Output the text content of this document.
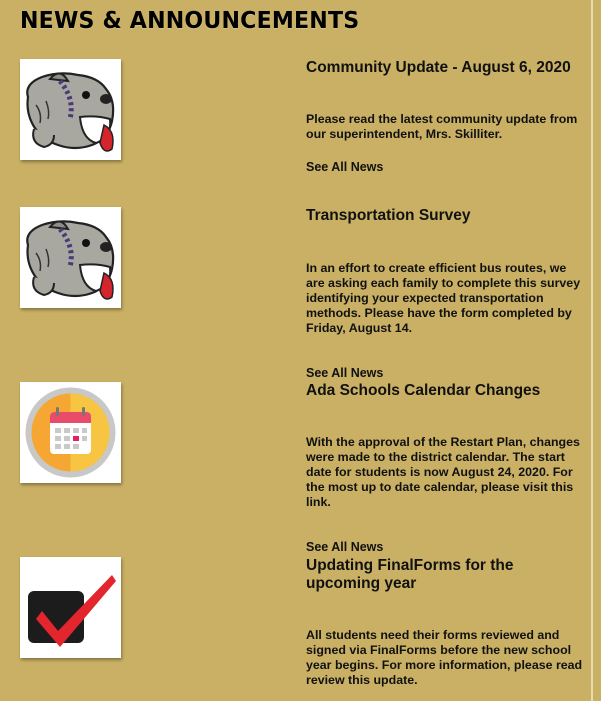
NEWS & ANNOUNCEMENTS
Community Update - August 6, 2020
Please read the latest community update from our superintendent, Mrs. Skilliter.
See All News
Transportation Survey
In an effort to create efficient bus routes, we are asking each family to complete this survey identifying your expected transportation methods. Please have the form completed by Friday, August 14.
See All News
Ada Schools Calendar Changes
With the approval of the Restart Plan, changes were made to the district calendar. The start date for students is now August 24, 2020. For the most up to date calendar, please visit this link.
See All News
Updating FinalForms for the upcoming year
All students need their forms reviewed and signed via FinalForms before the new school year begins. For more information, please read review this update.
